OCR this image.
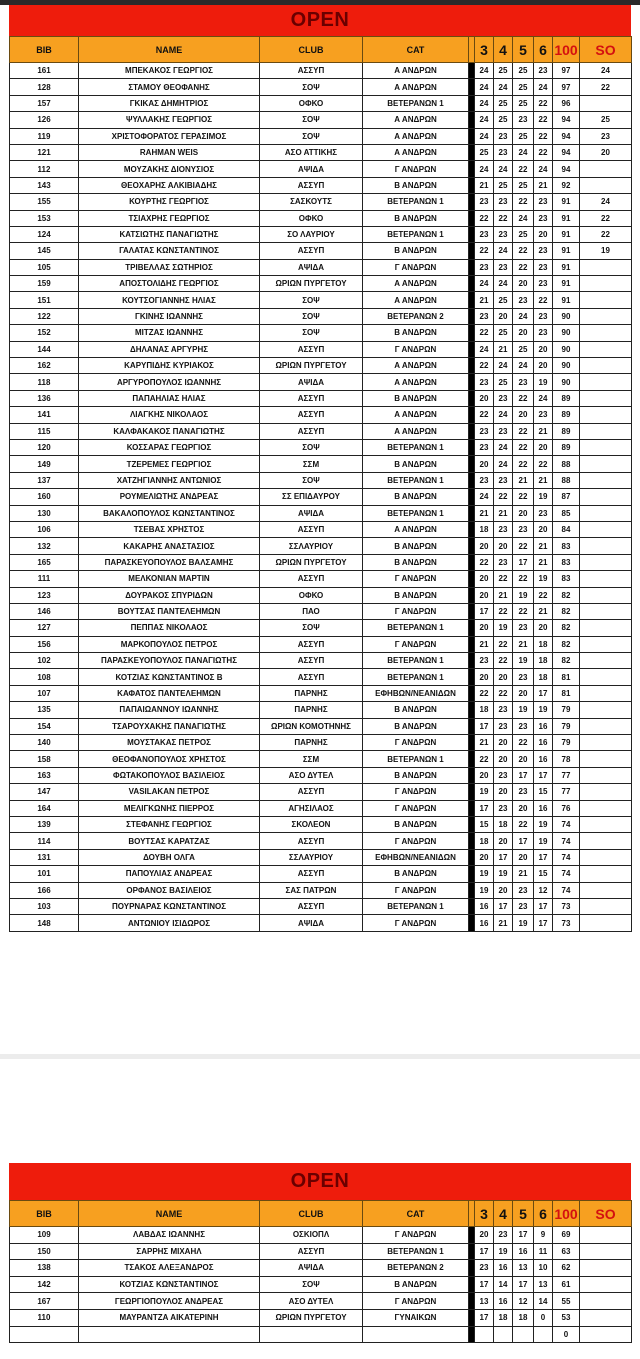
OPEN
BIB	NAME	CLUB	CAT		3	4	5	6	100	SO
161	ΜΠΕΚΑΚΟΣ ΓΕΩΡΓΙΟΣ	ΑΣΣΥΠ	Α ΑΝΔΡΩΝ		24	25	25	23	97	24
128	ΣΤΑΜΟΥ ΘΕΟΦΑΝΗΣ	ΣΟΨ	Α ΑΝΔΡΩΝ		24	24	25	24	97	22
157	ΓΚΙΚΑΣ ΔΗΜΗΤΡΙΟΣ	ΟΦΚΟ	ΒΕΤΕΡΑΝΩΝ 1		24	25	25	22	96	
126	ΨΥΛΛΑΚΗΣ ΓΕΩΡΓΙΟΣ	ΣΟΨ	Α ΑΝΔΡΩΝ		24	25	23	22	94	25
119	ΧΡΙΣΤΟΦΟΡΑΤΟΣ ΓΕΡΑΣΙΜΟΣ	ΣΟΨ	Α ΑΝΔΡΩΝ		24	23	25	22	94	23
121	RAHMAN WEIS	ΑΣΟ ΑΤΤΙΚΗΣ	Α ΑΝΔΡΩΝ		25	23	24	22	94	20
112	ΜΟΥΖΑΚΗΣ ΔΙΟΝΥΣΙΟΣ	ΑΨΙΔΑ	Γ ΑΝΔΡΩΝ		24	24	22	24	94	
143	ΘΕΟΧΑΡΗΣ ΑΛΚΙΒΙΑΔΗΣ	ΑΣΣΥΠ	Β ΑΝΔΡΩΝ		21	25	25	21	92	
155	ΚΟΥΡΤΗΣ ΓΕΩΡΓΙΟΣ	ΣΑΣΚΟΥΤΣ	ΒΕΤΕΡΑΝΩΝ 1		23	23	22	23	91	24
153	ΤΣΙΑΧΡΗΣ ΓΕΩΡΓΙΟΣ	ΟΦΚΟ	Β ΑΝΔΡΩΝ		22	22	24	23	91	22
124	ΚΑΤΣΙΩΤΗΣ ΠΑΝΑΓΙΩΤΗΣ	ΣΟ ΛΑΥΡΙΟΥ	ΒΕΤΕΡΑΝΩΝ 1		23	23	25	20	91	22
145	ΓΑΛΑΤΑΣ ΚΩΝΣΤΑΝΤΙΝΟΣ	ΑΣΣΥΠ	Β ΑΝΔΡΩΝ		22	24	22	23	91	19
105	ΤΡΙΒΕΛΛΑΣ ΣΩΤΗΡΙΟΣ	ΑΨΙΔΑ	Γ ΑΝΔΡΩΝ		23	23	22	23	91	
159	ΑΠΟΣΤΟΛΙΔΗΣ ΓΕΩΡΓΙΟΣ	ΩΡΙΩΝ ΠΥΡΓΕΤΟΥ	Α ΑΝΔΡΩΝ		24	24	20	23	91	
151	ΚΟΥΤΣΟΓΙΑΝΝΗΣ ΗΛΙΑΣ	ΣΟΨ	Α ΑΝΔΡΩΝ		21	25	23	22	91	
122	ΓΚΙΝΗΣ ΙΩΑΝΝΗΣ	ΣΟΨ	ΒΕΤΕΡΑΝΩΝ 2		23	20	24	23	90	
152	ΜΙΤΖΑΣ ΙΩΑΝΝΗΣ	ΣΟΨ	Β ΑΝΔΡΩΝ		22	25	20	23	90	
144	ΔΗΛΑΝΑΣ ΑΡΓΥΡΗΣ	ΑΣΣΥΠ	Γ ΑΝΔΡΩΝ		24	21	25	20	90	
162	ΚΑΡΥΠΙΔΗΣ ΚΥΡΙΑΚΟΣ	ΩΡΙΩΝ ΠΥΡΓΕΤΟΥ	Α ΑΝΔΡΩΝ		22	24	24	20	90	
118	ΑΡΓΥΡΟΠΟΥΛΟΣ ΙΩΑΝΝΗΣ	ΑΨΙΔΑ	Α ΑΝΔΡΩΝ		23	25	23	19	90	
136	ΠΑΠΑΗΛΙΑΣ ΗΛΙΑΣ	ΑΣΣΥΠ	Β ΑΝΔΡΩΝ		20	23	22	24	89	
141	ΛΙΑΓΚΗΣ ΝΙΚΟΛΑΟΣ	ΑΣΣΥΠ	Α ΑΝΔΡΩΝ		22	24	20	23	89	
115	ΚΑΛΦΑΚΑΚΟΣ ΠΑΝΑΓΙΩΤΗΣ	ΑΣΣΥΠ	Α ΑΝΔΡΩΝ		23	23	22	21	89	
120	ΚΟΣΣΑΡΑΣ ΓΕΩΡΓΙΟΣ	ΣΟΨ	ΒΕΤΕΡΑΝΩΝ 1		23	24	22	20	89	
149	ΤΖΕΡΕΜΕΣ ΓΕΩΡΓΙΟΣ	ΣΣΜ	Β ΑΝΔΡΩΝ		20	24	22	22	88	
137	ΧΑΤΖΗΓΙΑΝΝΗΣ ΑΝΤΩΝΙΟΣ	ΣΟΨ	ΒΕΤΕΡΑΝΩΝ 1		23	23	21	21	88	
160	ΡΟΥΜΕΛΙΩΤΗΣ ΑΝΔΡΕΑΣ	ΣΣ ΕΠΙΔΑΥΡΟΥ	Β ΑΝΔΡΩΝ		24	22	22	19	87	
130	ΒΑΚΑΛΟΠΟΥΛΟΣ ΚΩΝΣΤΑΝΤΙΝΟΣ	ΑΨΙΔΑ	ΒΕΤΕΡΑΝΩΝ 1		21	21	20	23	85	
106	ΤΣΕΒΑΣ ΧΡΗΣΤΟΣ	ΑΣΣΥΠ	Α ΑΝΔΡΩΝ		18	23	23	20	84	
132	ΚΑΚΑΡΗΣ ΑΝΑΣΤΑΣΙΟΣ	ΣΣΛΑΥΡΙΟΥ	Β ΑΝΔΡΩΝ		20	20	22	21	83	
165	ΠΑΡΑΣΚΕΥΟΠΟΥΛΟΣ ΒΑΛΣΑΜΗΣ	ΩΡΙΩΝ ΠΥΡΓΕΤΟΥ	Β ΑΝΔΡΩΝ		22	23	17	21	83	
111	ΜΕΛΚΟΝΙΑΝ ΜΑΡΤΙΝ	ΑΣΣΥΠ	Γ ΑΝΔΡΩΝ		20	22	22	19	83	
123	ΔΟΥΡΑΚΟΣ ΣΠΥΡΙΔΩΝ	ΟΦΚΟ	Β ΑΝΔΡΩΝ		20	21	19	22	82	
146	ΒΟΥΤΣΑΣ ΠΑΝΤΕΛΕΗΜΩΝ	ΠΑΟ	Γ ΑΝΔΡΩΝ		17	22	22	21	82	
127	ΠΕΠΠΑΣ ΝΙΚΟΛΑΟΣ	ΣΟΨ	ΒΕΤΕΡΑΝΩΝ 1		20	19	23	20	82	
156	ΜΑΡΚΟΠΟΥΛΟΣ ΠΕΤΡΟΣ	ΑΣΣΥΠ	Γ ΑΝΔΡΩΝ		21	22	21	18	82	
102	ΠΑΡΑΣΚΕΥΟΠΟΥΛΟΣ ΠΑΝΑΓΙΩΤΗΣ	ΑΣΣΥΠ	ΒΕΤΕΡΑΝΩΝ 1		23	22	19	18	82	
108	ΚΟΤΖΙΑΣ ΚΩΝΣΤΑΝΤΙΝΟΣ Β	ΑΣΣΥΠ	ΒΕΤΕΡΑΝΩΝ 1		20	20	23	18	81	
107	ΚΑΦΑΤΟΣ ΠΑΝΤΕΛΕΗΜΩΝ	ΠΑΡΝΗΣ	ΕΦΗΒΩΝ/ΝΕΑΝΙΔΩΝ		22	22	20	17	81	
135	ΠΑΠΑΙΩΑΝΝΟΥ ΙΩΑΝΝΗΣ	ΠΑΡΝΗΣ	Β ΑΝΔΡΩΝ		18	23	19	19	79	
154	ΤΣΑΡΟΥΧΑΚΗΣ ΠΑΝΑΓΙΩΤΗΣ	ΩΡΙΩΝ ΚΟΜΟΤΗΝΗΣ	Β ΑΝΔΡΩΝ		17	23	23	16	79	
140	ΜΟΥΣΤΑΚΑΣ ΠΕΤΡΟΣ	ΠΑΡΝΗΣ	Γ ΑΝΔΡΩΝ		21	20	22	16	79	
158	ΘΕΟΦΑΝΟΠΟΥΛΟΣ ΧΡΗΣΤΟΣ	ΣΣΜ	ΒΕΤΕΡΑΝΩΝ 1		22	20	20	16	78	
163	ΦΩΤΑΚΟΠΟΥΛΟΣ ΒΑΣΙΛΕΙΟΣ	ΑΣΟ ΔΥΤΕΛ	Β ΑΝΔΡΩΝ		20	23	17	17	77	
147	VASILAKAN ΠΕΤΡΟΣ	ΑΣΣΥΠ	Γ ΑΝΔΡΩΝ		19	20	23	15	77	
164	ΜΕΛΙΓΚΩΝΗΣ ΠΙΕΡΡΟΣ	ΑΓΗΣΙΛΑΟΣ	Γ ΑΝΔΡΩΝ		17	23	20	16	76	
139	ΣΤΕΦΑΝΗΣ ΓΕΩΡΓΙΟΣ	ΣΚΟΛΕΟΝ	Β ΑΝΔΡΩΝ		15	18	22	19	74	
114	ΒΟΥΤΣΑΣ ΚΑΡΑΤΖΑΣ	ΑΣΣΥΠ	Γ ΑΝΔΡΩΝ		18	20	17	19	74	
131	ΔΟΥΒΗ ΟΛΓΑ	ΣΣΛΑΥΡΙΟΥ	ΕΦΗΒΩΝ/ΝΕΑΝΙΔΩΝ		20	17	20	17	74	
101	ΠΑΠΟΥΛΙΑΣ ΑΝΔΡΕΑΣ	ΑΣΣΥΠ	Β ΑΝΔΡΩΝ		19	19	21	15	74	
166	ΟΡΦΑΝΟΣ ΒΑΣΙΛΕΙΟΣ	ΣΑΣ ΠΑΤΡΩΝ	Γ ΑΝΔΡΩΝ		19	20	23	12	74	
103	ΠΟΥΡΝΑΡΑΣ ΚΩΝΣΤΑΝΤΙΝΟΣ	ΑΣΣΥΠ	ΒΕΤΕΡΑΝΩΝ 1		16	17	23	17	73	
148	ΑΝΤΩΝΙΟΥ ΙΣΙΔΩΡΟΣ	ΑΨΙΔΑ	Γ ΑΝΔΡΩΝ		16	21	19	17	73	
OPEN
BIB	NAME	CLUB	CAT		3	4	5	6	100	SO
109	ΛΑΒΔΑΣ ΙΩΑΝΝΗΣ	ΟΣΚΙΟΠΛ	Γ ΑΝΔΡΩΝ		20	23	17	9	69	
150	ΣΑΡΡΗΣ ΜΙΧΑΗΛ	ΑΣΣΥΠ	ΒΕΤΕΡΑΝΩΝ 1		17	19	16	11	63	
138	ΤΣΑΚΟΣ ΑΛΕΞΑΝΔΡΟΣ	ΑΨΙΔΑ	ΒΕΤΕΡΑΝΩΝ 2		23	16	13	10	62	
142	ΚΟΤΖΙΑΣ ΚΩΝΣΤΑΝΤΙΝΟΣ	ΣΟΨ	Β ΑΝΔΡΩΝ		17	14	17	13	61	
167	ΓΕΩΡΓΙΟΠΟΥΛΟΣ ΑΝΔΡΕΑΣ	ΑΣΟ ΔΥΤΕΛ	Γ ΑΝΔΡΩΝ		13	16	12	14	55	
110	ΜΑΥΡΑΝΤΖΑ ΑΙΚΑΤΕΡΙΝΗ	ΩΡΙΩΝ ΠΥΡΓΕΤΟΥ	ΓΥΝΑΙΚΩΝ		17	18	18	0	53	
									0	
